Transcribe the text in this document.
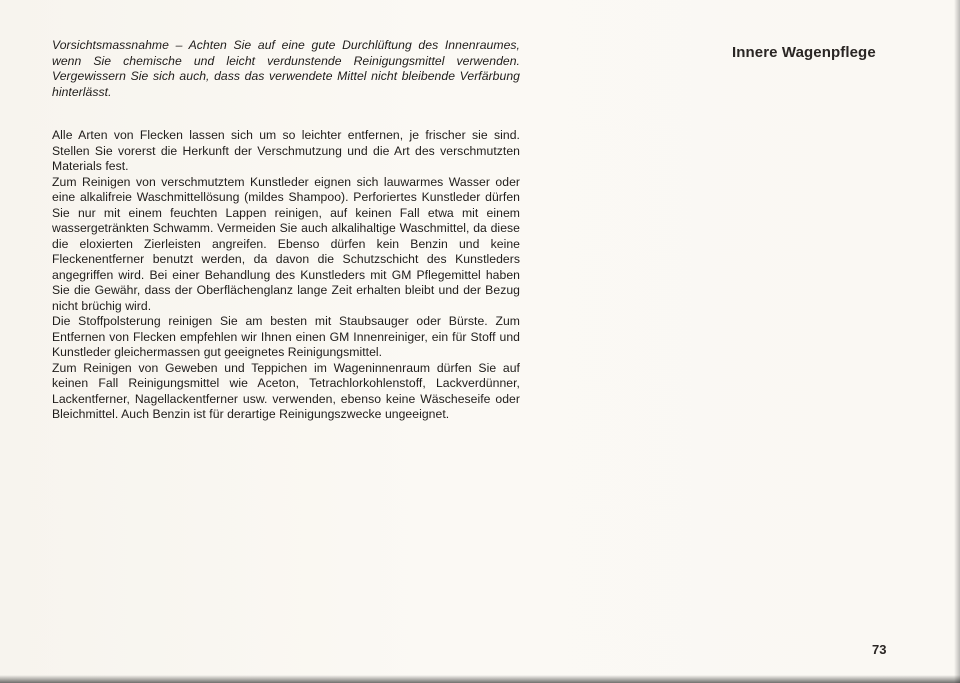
Vorsichtsmassnahme – Achten Sie auf eine gute Durchlüftung des Innenraumes, wenn Sie chemische und leicht verdunstende Reinigungsmittel verwenden. Vergewissern Sie sich auch, dass das verwendete Mittel nicht bleibende Verfärbung hinterlässt.

Alle Arten von Flecken lassen sich um so leichter entfernen, je frischer sie sind. Stellen Sie vorerst die Herkunft der Verschmutzung und die Art des verschmutzten Materials fest.

Zum Reinigen von verschmutztem Kunstleder eignen sich lauwarmes Wasser oder eine alkalifreie Waschmittellösung (mildes Shampoo). Perforiertes Kunstleder dürfen Sie nur mit einem feuchten Lappen reinigen, auf keinen Fall etwa mit einem wassergetränkten Schwamm. Vermeiden Sie auch alkalihaltige Waschmittel, da diese die eloxierten Zierleisten angreifen. Ebenso dürfen kein Benzin und keine Fleckenentferner benutzt werden, da davon die Schutzschicht des Kunstleders angegriffen wird. Bei einer Behandlung des Kunstleders mit GM Pflegemittel haben Sie die Gewähr, dass der Oberflächenglanz lange Zeit erhalten bleibt und der Bezug nicht brüchig wird.

Die Stoffpolsterung reinigen Sie am besten mit Staubsauger oder Bürste. Zum Entfernen von Flecken empfehlen wir Ihnen einen GM Innenreiniger, ein für Stoff und Kunstleder gleichermassen gut geeignetes Reinigungsmittel.

Zum Reinigen von Geweben und Teppichen im Wageninnenraum dürfen Sie auf keinen Fall Reinigungsmittel wie Aceton, Tetrachlorkohlenstoff, Lackverdünner, Lackentferner, Nagellackentferner usw. verwenden, ebenso keine Wäscheseife oder Bleichmittel. Auch Benzin ist für derartige Reinigungszwecke ungeeignet.

Innere Wagenpflege
73
